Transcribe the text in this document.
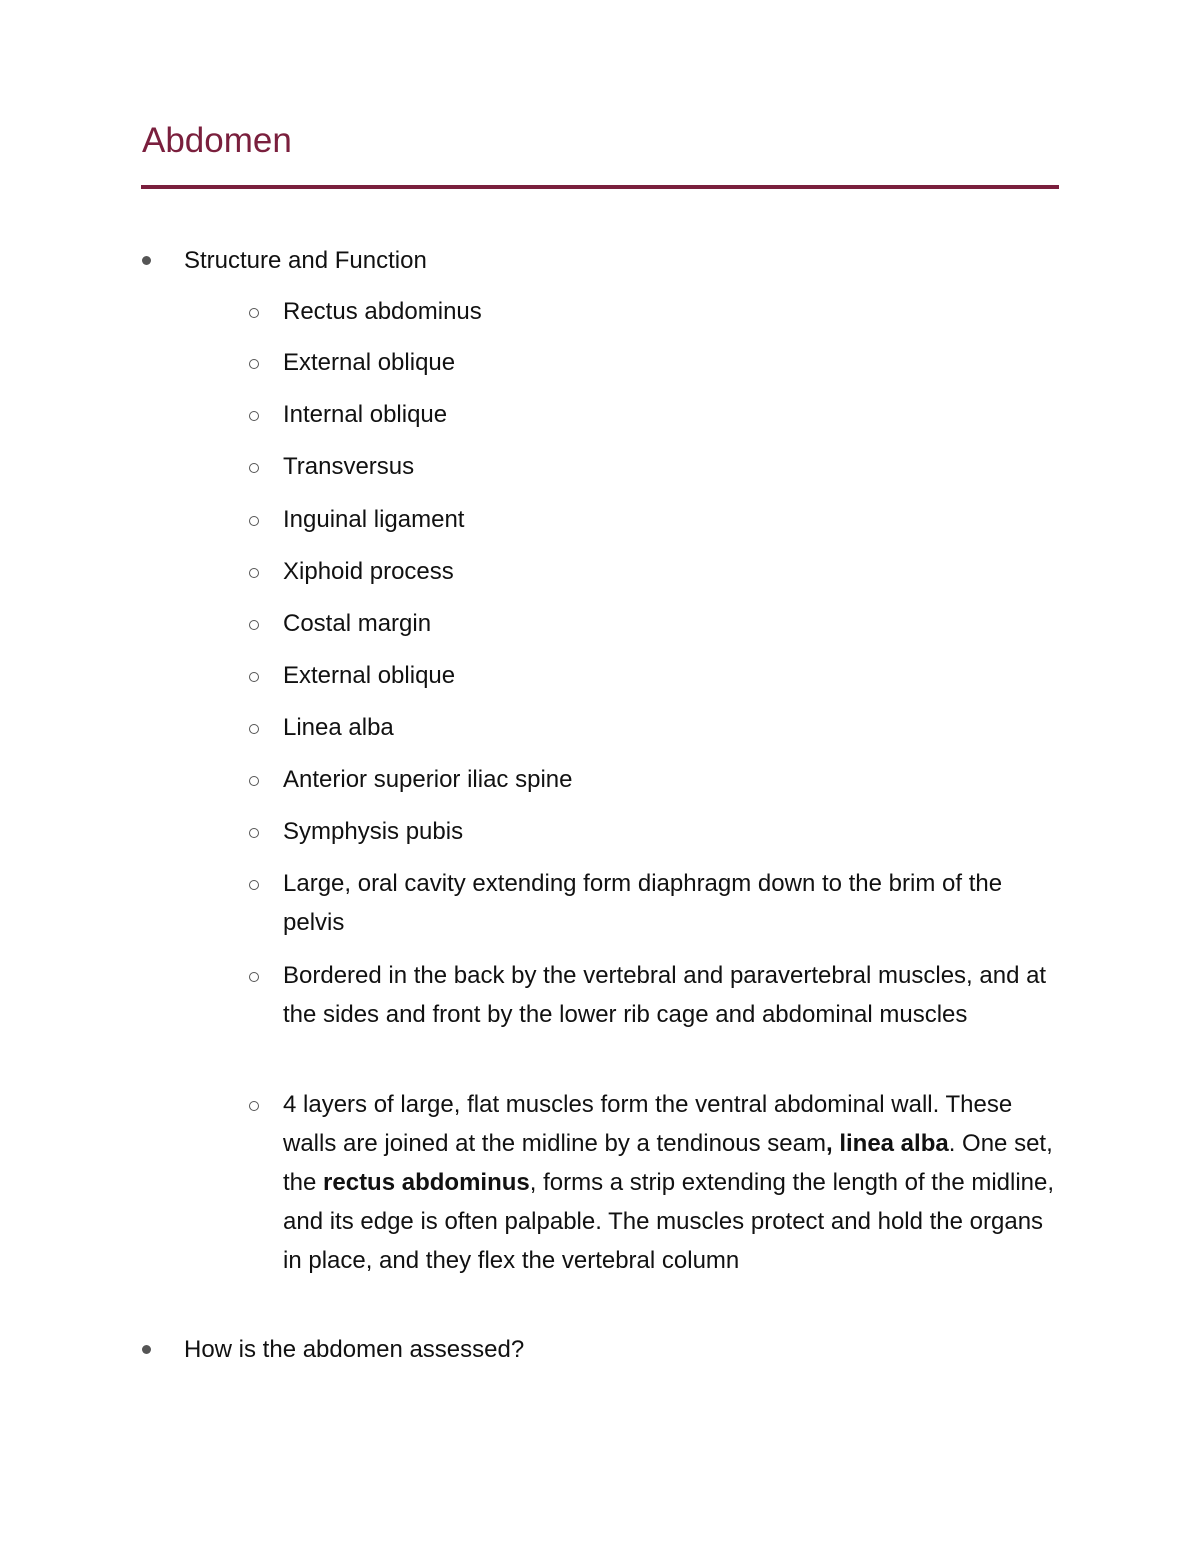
Abdomen
Structure and Function
Rectus abdominus
External oblique
Internal oblique
Transversus
Inguinal ligament
Xiphoid process
Costal margin
External oblique
Linea alba
Anterior superior iliac spine
Symphysis pubis
Large, oral cavity extending form diaphragm down to the brim of the pelvis
Bordered in the back by the vertebral and paravertebral muscles, and at the sides and front by the lower rib cage and abdominal muscles
4 layers of large, flat muscles form the ventral abdominal wall. These walls are joined at the midline by a tendinous seam, linea alba. One set, the rectus abdominus, forms a strip extending the length of the midline, and its edge is often palpable. The muscles protect and hold the organs in place, and they flex the vertebral column
How is the abdomen assessed?
